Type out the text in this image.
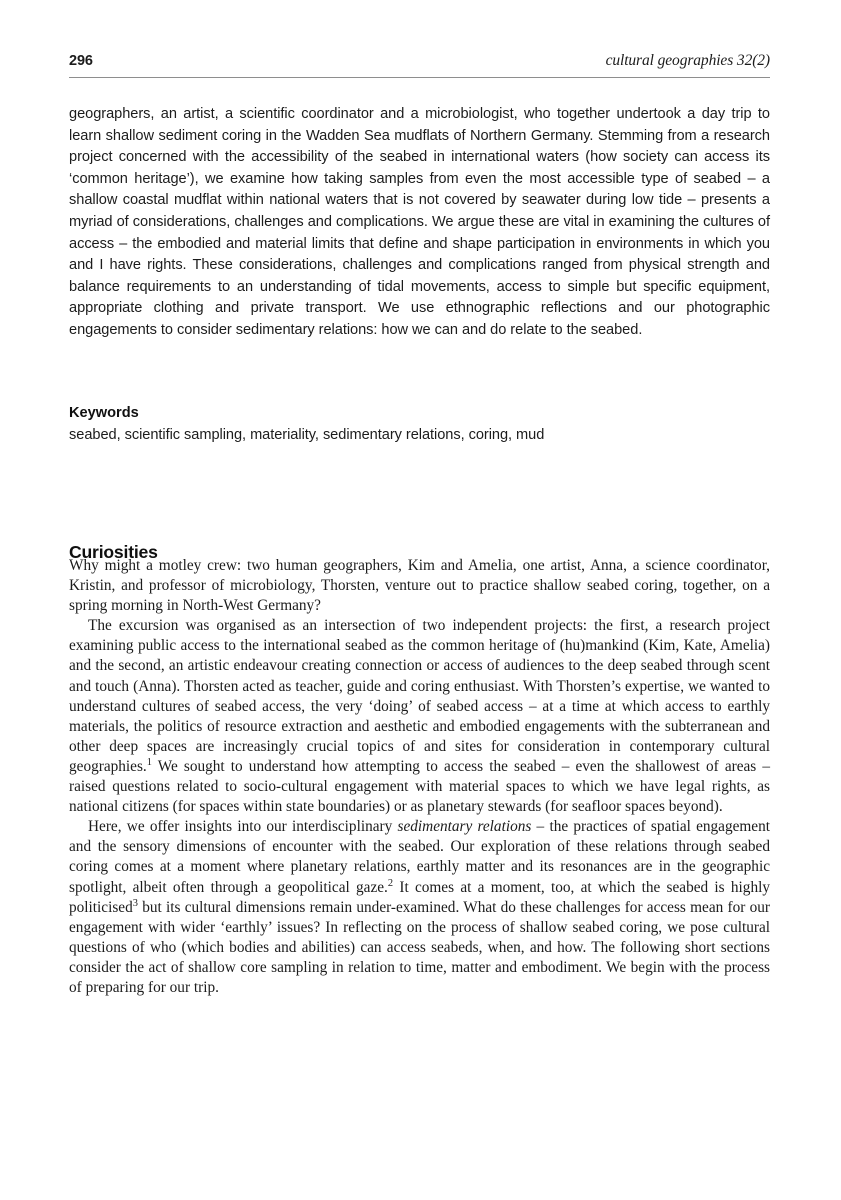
296	cultural geographies 32(2)
geographers, an artist, a scientific coordinator and a microbiologist, who together undertook a day trip to learn shallow sediment coring in the Wadden Sea mudflats of Northern Germany. Stemming from a research project concerned with the accessibility of the seabed in international waters (how society can access its ‘common heritage’), we examine how taking samples from even the most accessible type of seabed – a shallow coastal mudflat within national waters that is not covered by seawater during low tide – presents a myriad of considerations, challenges and complications. We argue these are vital in examining the cultures of access – the embodied and material limits that define and shape participation in environments in which you and I have rights. These considerations, challenges and complications ranged from physical strength and balance requirements to an understanding of tidal movements, access to simple but specific equipment, appropriate clothing and private transport. We use ethnographic reflections and our photographic engagements to consider sedimentary relations: how we can and do relate to the seabed.
Keywords
seabed, scientific sampling, materiality, sedimentary relations, coring, mud
Curiosities

Why might a motley crew: two human geographers, Kim and Amelia, one artist, Anna, a science coordinator, Kristin, and professor of microbiology, Thorsten, venture out to practice shallow seabed coring, together, on a spring morning in North-West Germany?

The excursion was organised as an intersection of two independent projects: the first, a research project examining public access to the international seabed as the common heritage of (hu)mankind (Kim, Kate, Amelia) and the second, an artistic endeavour creating connection or access of audiences to the deep seabed through scent and touch (Anna). Thorsten acted as teacher, guide and coring enthusiast. With Thorsten’s expertise, we wanted to understand cultures of seabed access, the very ‘doing’ of seabed access – at a time at which access to earthly materials, the politics of resource extraction and aesthetic and embodied engagements with the subterranean and other deep spaces are increasingly crucial topics of and sites for consideration in contemporary cultural geographies.$^1$ We sought to understand how attempting to access the seabed – even the shallowest of areas – raised questions related to socio-cultural engagement with material spaces to which we have legal rights, as national citizens (for spaces within state boundaries) or as planetary stewards (for seafloor spaces beyond).

Here, we offer insights into our interdisciplinary sedimentary relations – the practices of spatial engagement and the sensory dimensions of encounter with the seabed. Our exploration of these relations through seabed coring comes at a moment where planetary relations, earthly matter and its resonances are in the geographic spotlight, albeit often through a geopolitical gaze.$^2$ It comes at a moment, too, at which the seabed is highly politicised$^3$ but its cultural dimensions remain under-examined. What do these challenges for access mean for our engagement with wider ‘earthly’ issues? In reflecting on the process of shallow seabed coring, we pose cultural questions of who (which bodies and abilities) can access seabeds, when, and how. The following short sections consider the act of shallow core sampling in relation to time, matter and embodiment. We begin with the process of preparing for our trip.
